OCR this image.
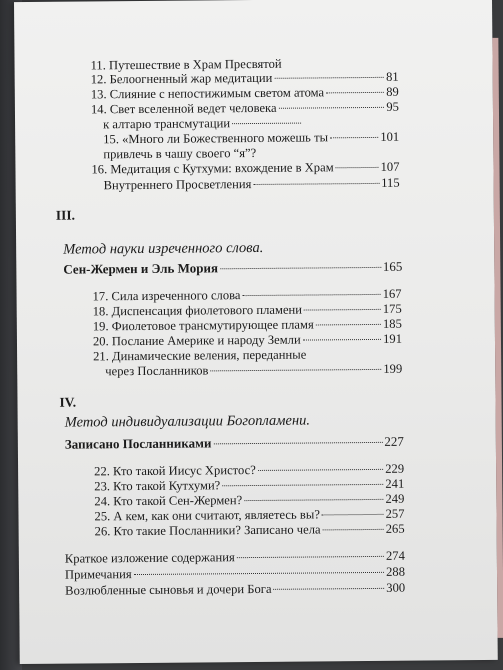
11. Путешествие в Храм Пресвятой
12. Белоогненный жар медитации	81
13. Слияние с непостижимым светом атома	89
14. Свет вселенной ведет человека	95
к алтарю трансмутации
15. «Много ли Божественного можешь ты	101
привлечь в чашу своего “я”?
16. Медитация с Кутхуми: вхождение в Храм	107
Внутреннего Просветления	115
III.
Метод науки изреченного слова.
Сен-Жермен и Эль Мория	165
17. Сила изреченного слова	167
18. Диспенсация фиолетового пламени	175
19. Фиолетовое трансмутирующее пламя	185
20. Послание Америке и народу Земли	191
21. Динамические веления, переданные
через Посланников	199
IV.
Метод индивидуализации Богопламени.
Записано Посланниками	227
22. Кто такой Иисус Христос?	229
23. Кто такой Кутхуми?	241
24. Кто такой Сен-Жермен?	249
25. А кем, как они считают, являетесь вы?	257
26. Кто такие Посланники? Записано чела	265
Краткое изложение содержания	274
Примечания	288
Возлюбленные сыновья и дочери Бога	300
